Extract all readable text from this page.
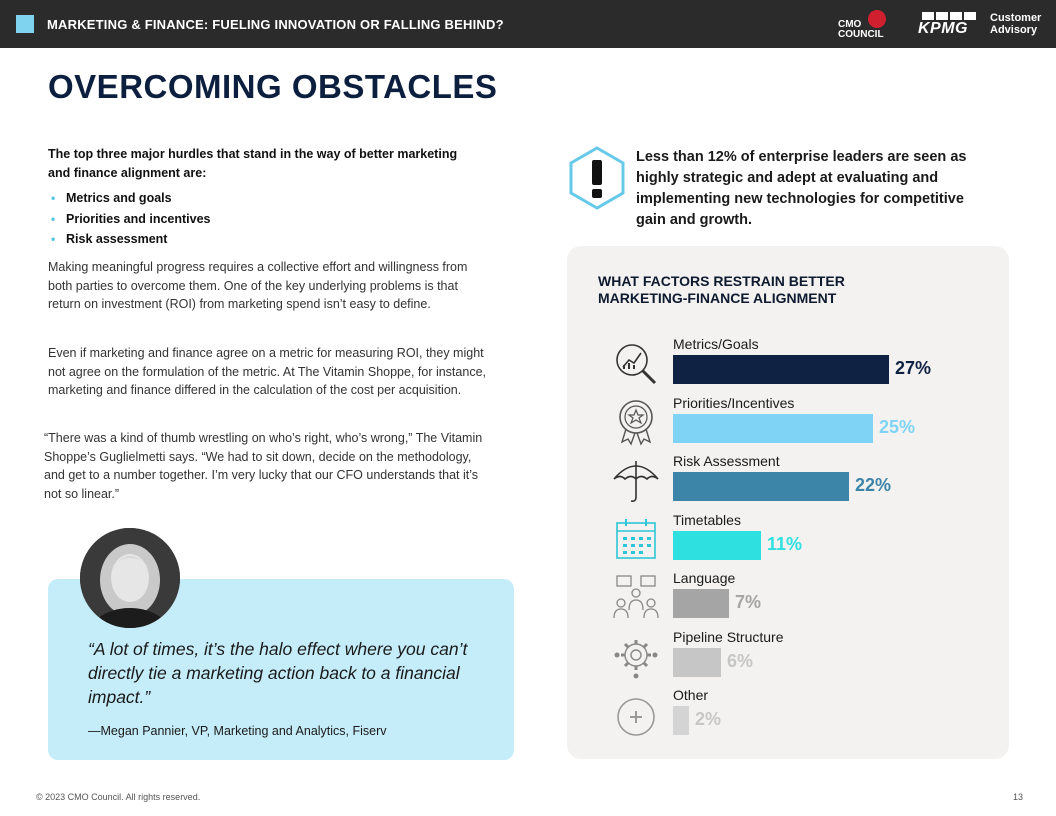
MARKETING & FINANCE: FUELING INNOVATION OR FALLING BEHIND?	CMO
COUNCIL KPMG
Customer
Advisory
OVERCOMING OBSTACLES
The top three major hurdles that stand in the way of better marketing and finance alignment are:
• Metrics and goals
• Priorities and incentives
• Risk assessment

Making meaningful progress requires a collective effort and willingness from both parties to overcome them. One of the key underlying problems is that return on investment (ROI) from marketing spend isn’t easy to define.

Even if marketing and finance agree on a metric for measuring ROI, they might not agree on the formulation of the metric. At The Vitamin Shoppe, for instance, marketing and finance differed in the calculation of the cost per acquisition.

“There was a kind of thumb wrestling on who’s right, who’s wrong,” The Vitamin Shoppe’s Guglielmetti says. “We had to sit down, decide on the methodology, and get to a number together. I’m very lucky that our CFO understands that it’s not so linear.”

“A lot of times, it’s the halo effect where you can’t directly tie a marketing action back to a financial impact.”

—Megan Pannier, VP, Marketing and Analytics, Fiserv
Less than 12% of enterprise leaders are seen as highly strategic and adept at evaluating and implementing new technologies for competitive gain and growth.
WHAT FACTORS RESTRAIN BETTER MARKETING-FINANCE ALIGNMENT
Metrics/Goals
27%
Priorities/Incentives
25%
Risk Assessment
22%
Timetables
11%
Language
7%
Pipeline Structure
6%
Other
2%
© 2023 CMO Council. All rights reserved.	13
